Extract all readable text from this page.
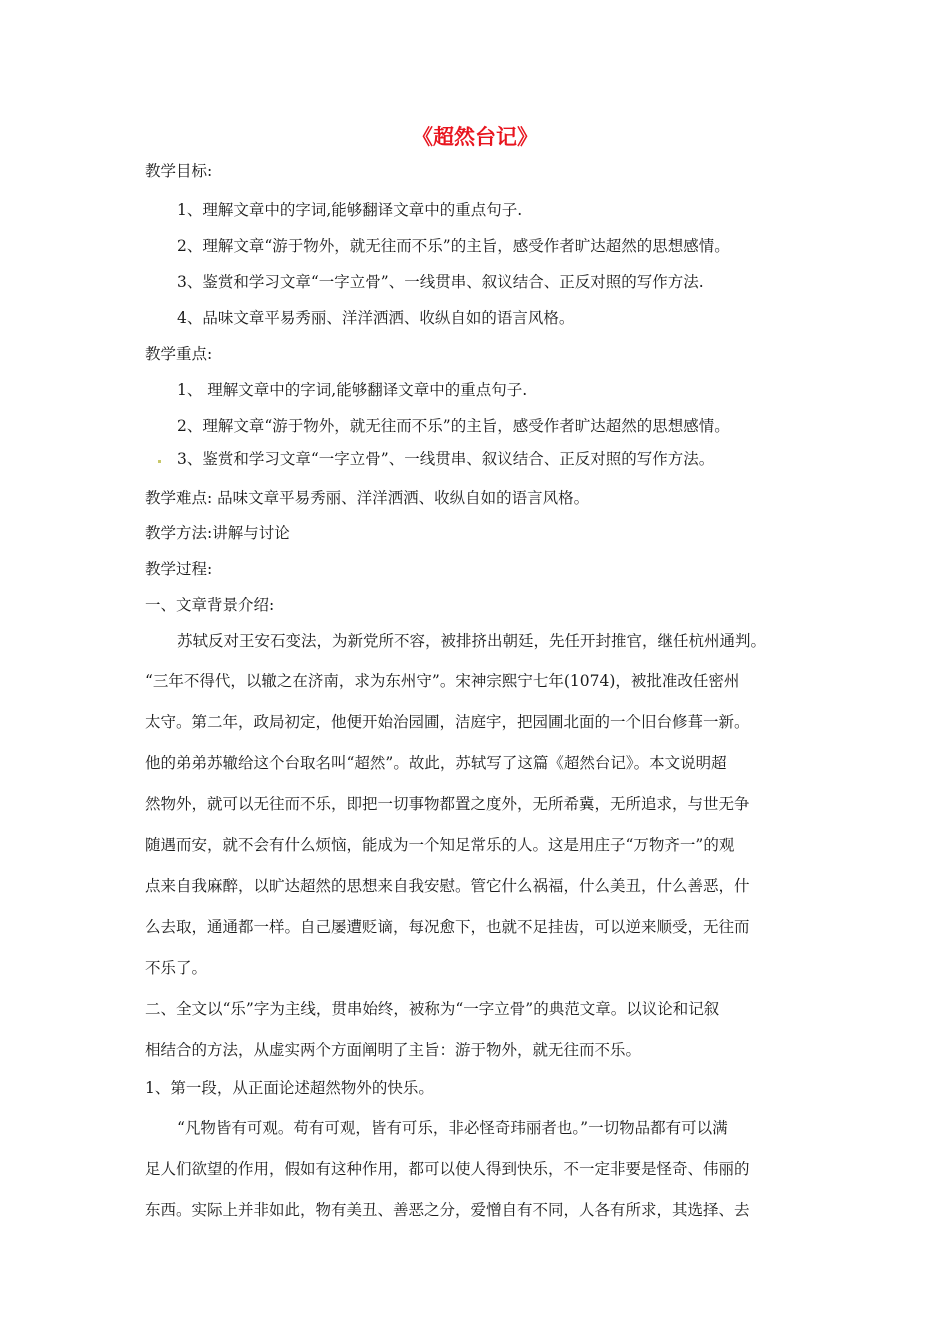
《超然台记》
教学目标:
1、理解文章中的字词,能够翻译文章中的重点句子.
2、理解文章“游于物外，就无往而不乐”的主旨，感受作者旷达超然的思想感情。
3、鉴赏和学习文章“一字立骨”、一线贯串、叙议结合、正反对照的写作方法.
4、品味文章平易秀丽、洋洋洒洒、收纵自如的语言风格。
教学重点:
1、 理解文章中的字词,能够翻译文章中的重点句子.
2、理解文章“游于物外，就无往而不乐”的主旨，感受作者旷达超然的思想感情。
3、鉴赏和学习文章“一字立骨”、一线贯串、叙议结合、正反对照的写作方法。
教学难点: 品味文章平易秀丽、洋洋洒洒、收纵自如的语言风格。
教学方法:讲解与讨论
教学过程:
一、文章背景介绍:
苏轼反对王安石变法，为新党所不容，被排挤出朝廷，先任开封推官，继任杭州通判。
“三年不得代，以辙之在济南，求为东州守”。宋神宗熙宁七年(1074)，被批准改任密州
太守。第二年，政局初定，他便开始治园圃，洁庭宇，把园圃北面的一个旧台修葺一新。
他的弟弟苏辙给这个台取名叫“超然”。故此，苏轼写了这篇《超然台记》。本文说明超
然物外，就可以无往而不乐，即把一切事物都置之度外，无所希冀，无所追求，与世无争
随遇而安，就不会有什么烦恼，能成为一个知足常乐的人。这是用庄子“万物齐一”的观
点来自我麻醉，以旷达超然的思想来自我安慰。管它什么祸福，什么美丑，什么善恶，什
么去取，通通都一样。自己屡遭贬谪，每况愈下，也就不足挂齿，可以逆来顺受，无往而
不乐了。
二、全文以“乐”字为主线，贯串始终，被称为“一字立骨”的典范文章。以议论和记叙
相结合的方法，从虚实两个方面阐明了主旨：游于物外，就无往而不乐。
1、第一段，从正面论述超然物外的快乐。
“凡物皆有可观。苟有可观，皆有可乐，非必怪奇玮丽者也。”一切物品都有可以满
足人们欲望的作用，假如有这种作用，都可以使人得到快乐，不一定非要是怪奇、伟丽的
东西。实际上并非如此，物有美丑、善恶之分，爱憎自有不同，人各有所求，其选择、去
